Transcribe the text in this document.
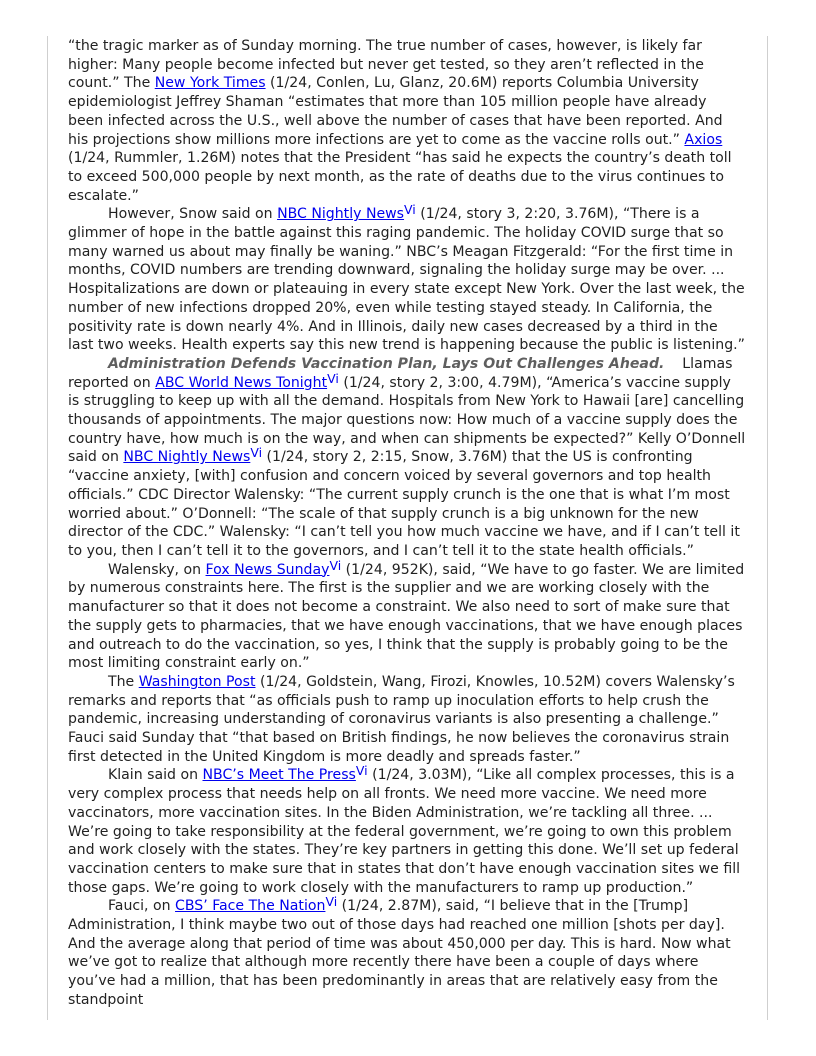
“the tragic marker as of Sunday morning. The true number of cases, however, is likely far higher: Many people become infected but never get tested, so they aren’t reflected in the count.” The New York Times (1/24, Conlen, Lu, Glanz, 20.6M) reports Columbia University epidemiologist Jeffrey Shaman “estimates that more than 105 million people have already been infected across the U.S., well above the number of cases that have been reported. And his projections show millions more infections are yet to come as the vaccine rolls out.” Axios (1/24, Rummler, 1.26M) notes that the President “has said he expects the country’s death toll to exceed 500,000 people by next month, as the rate of deaths due to the virus continues to escalate.”

However, Snow said on NBC Nightly News$^{Vi}$ (1/24, story 3, 2:20, 3.76M), “There is a glimmer of hope in the battle against this raging pandemic. The holiday COVID surge that so many warned us about may finally be waning.” NBC’s Meagan Fitzgerald: “For the first time in months, COVID numbers are trending downward, signaling the holiday surge may be over. ... Hospitalizations are down or plateauing in every state except New York. Over the last week, the number of new infections dropped 20%, even while testing stayed steady. In California, the positivity rate is down nearly 4%. And in Illinois, daily new cases decreased by a third in the last two weeks. Health experts say this new trend is happening because the public is listening.”

Administration Defends Vaccination Plan, Lays Out Challenges Ahead.    Llamas reported on ABC World News Tonight$^{Vi}$ (1/24, story 2, 3:00, 4.79M), “America’s vaccine supply is struggling to keep up with all the demand. Hospitals from New York to Hawaii [are] cancelling thousands of appointments. The major questions now: How much of a vaccine supply does the country have, how much is on the way, and when can shipments be expected?” Kelly O’Donnell said on NBC Nightly News$^{Vi}$ (1/24, story 2, 2:15, Snow, 3.76M) that the US is confronting “vaccine anxiety, [with] confusion and concern voiced by several governors and top health officials.” CDC Director Walensky: “The current supply crunch is the one that is what I’m most worried about.” O’Donnell: “The scale of that supply crunch is a big unknown for the new director of the CDC.” Walensky: “I can’t tell you how much vaccine we have, and if I can’t tell it to you, then I can’t tell it to the governors, and I can’t tell it to the state health officials.”

Walensky, on Fox News Sunday$^{Vi}$ (1/24, 952K), said, “We have to go faster. We are limited by numerous constraints here. The first is the supplier and we are working closely with the manufacturer so that it does not become a constraint. We also need to sort of make sure that the supply gets to pharmacies, that we have enough vaccinations, that we have enough places and outreach to do the vaccination, so yes, I think that the supply is probably going to be the most limiting constraint early on.”

The Washington Post (1/24, Goldstein, Wang, Firozi, Knowles, 10.52M) covers Walensky’s remarks and reports that “as officials push to ramp up inoculation efforts to help crush the pandemic, increasing understanding of coronavirus variants is also presenting a challenge.” Fauci said Sunday that “that based on British findings, he now believes the coronavirus strain first detected in the United Kingdom is more deadly and spreads faster.”

Klain said on NBC’s Meet The Press$^{Vi}$ (1/24, 3.03M), “Like all complex processes, this is a very complex process that needs help on all fronts. We need more vaccine. We need more vaccinators, more vaccination sites. In the Biden Administration, we’re tackling all three. ... We’re going to take responsibility at the federal government, we’re going to own this problem and work closely with the states. They’re key partners in getting this done. We’ll set up federal vaccination centers to make sure that in states that don’t have enough vaccination sites we fill those gaps. We’re going to work closely with the manufacturers to ramp up production.”

Fauci, on CBS’ Face The Nation$^{Vi}$ (1/24, 2.87M), said, “I believe that in the [Trump] Administration, I think maybe two out of those days had reached one million [shots per day]. And the average along that period of time was about 450,000 per day. This is hard. Now what we’ve got to realize that although more recently there have been a couple of days where you’ve had a million, that has been predominantly in areas that are relatively easy from the standpoint
